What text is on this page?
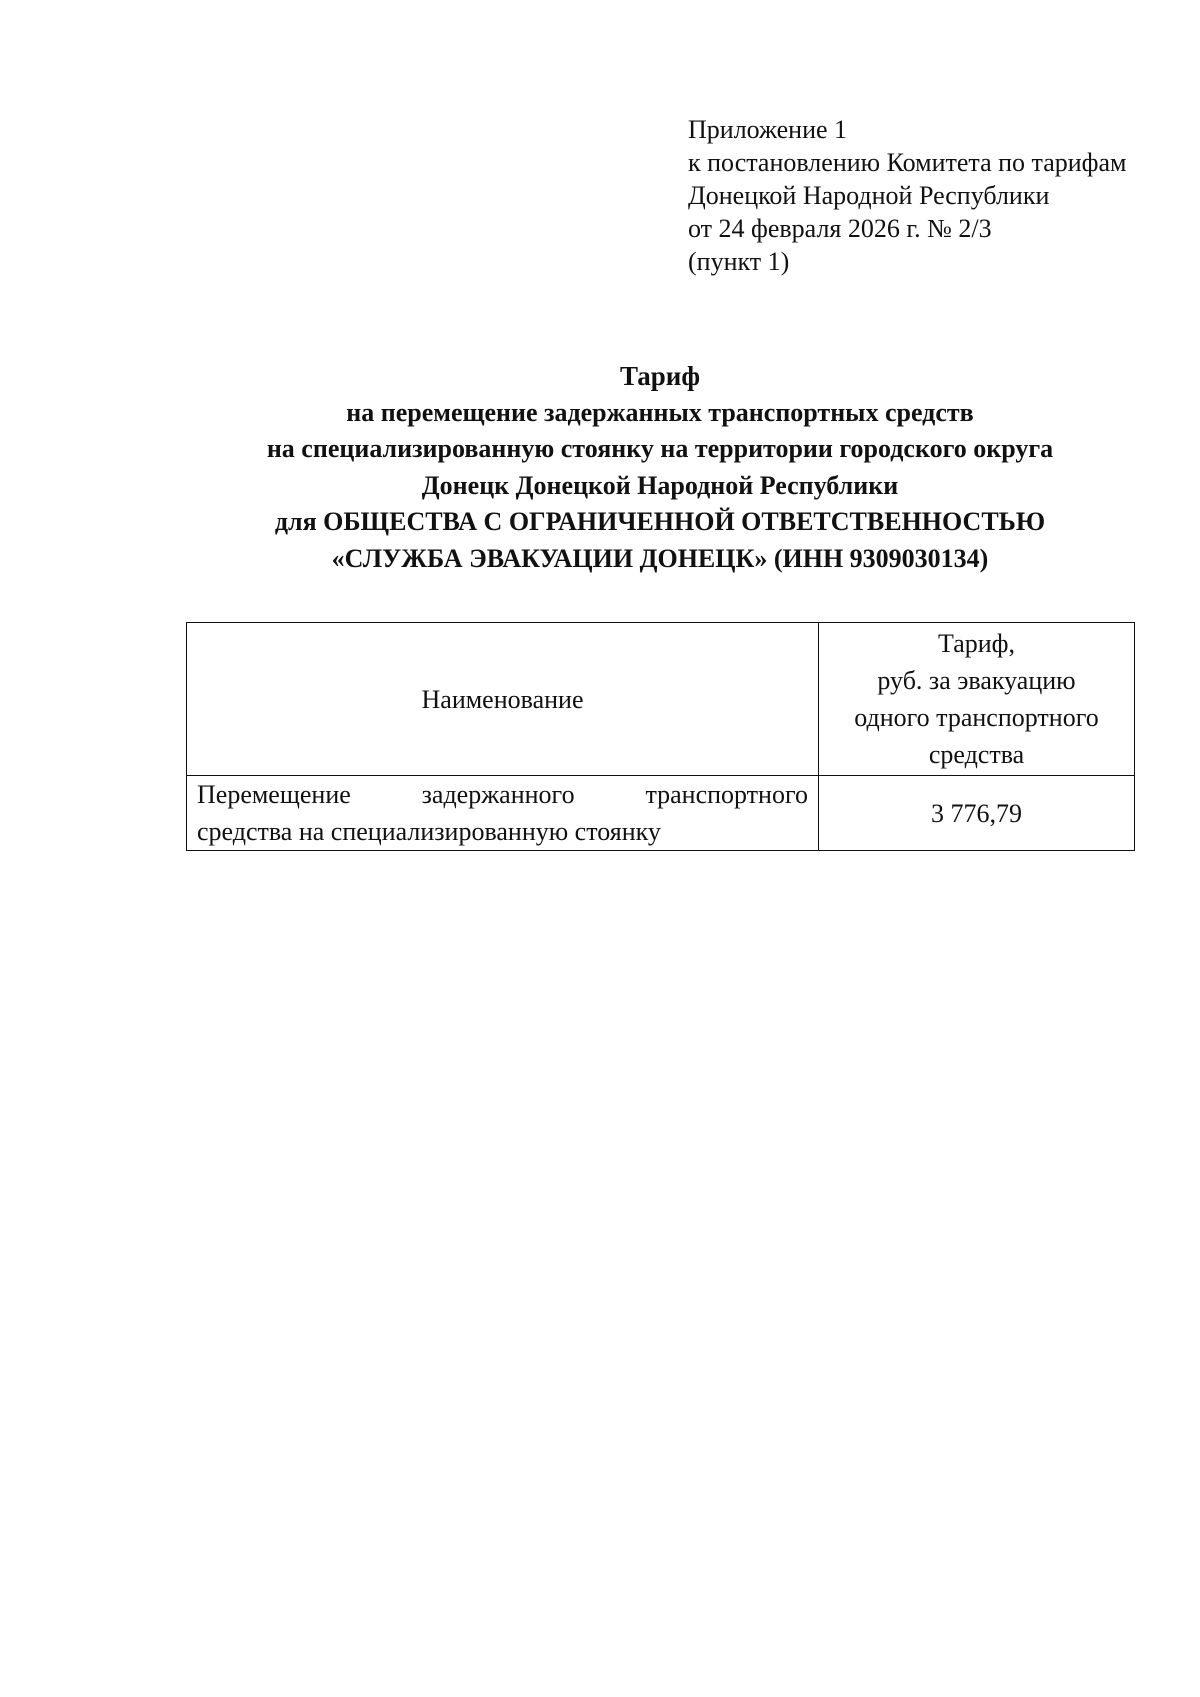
Приложение 1
к постановлению Комитета по тарифам
Донецкой Народной Республики
от 24 февраля 2026 г. № 2/3
(пункт 1)
Тариф
на перемещение задержанных транспортных средств
на специализированную стоянку на территории городского округа
Донецк Донецкой Народной Республики
для ОБЩЕСТВА С ОГРАНИЧЕННОЙ ОТВЕТСТВЕННОСТЬЮ
«СЛУЖБА ЭВАКУАЦИИ ДОНЕЦК» (ИНН 9309030134)
Наименование	Тариф,
руб. за эвакуацию
одного транспортного
средства

Перемещение задержанного транспортного
средства на специализированную стоянку	3 776,79
